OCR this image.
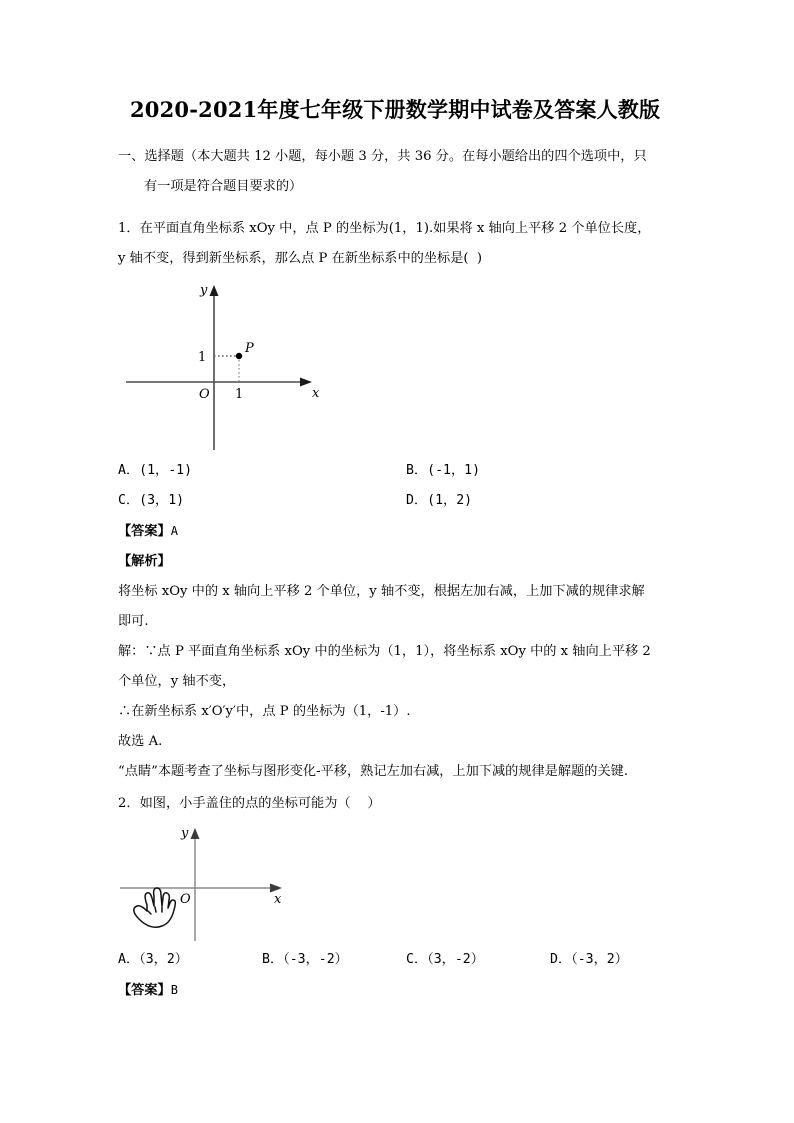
2020-2021年度七年级下册数学期中试卷及答案人教版
一、选择题（本大题共 12 小题，每小题 3 分，共 36 分。在每小题给出的四个选项中，只
有一项是符合题目要求的）
1．在平面直角坐标系 xOy 中，点 P 的坐标为(1，1).如果将 x 轴向上平移 2 个单位长度，
y 轴不变，得到新坐标系，那么点 P 在新坐标系中的坐标是(  )
P
1
1
O
y
x
A．(1，-1)	B．(-1，1)
C．(3，1)	D．(1，2)
【答案】A
【解析】
将坐标 xOy 中的 x 轴向上平移 2 个单位，y 轴不变，根据左加右减，上加下减的规律求解
即可.
解：∵点 P 平面直角坐标系 xOy 中的坐标为（1，1），将坐标系 xOy 中的 x 轴向上平移 2
个单位，y 轴不变，
∴在新坐标系 x′O′y′中，点 P 的坐标为（1，-1）.
故选 A.
“点睛”本题考查了坐标与图形变化-平移，熟记左加右减，上加下减的规律是解题的关键.
2．如图，小手盖住的点的坐标可能为（    ）
y
x
O
A．（3，2）	B．（-3，-2）	C．（3，-2）	D．（-3，2）
【答案】B
